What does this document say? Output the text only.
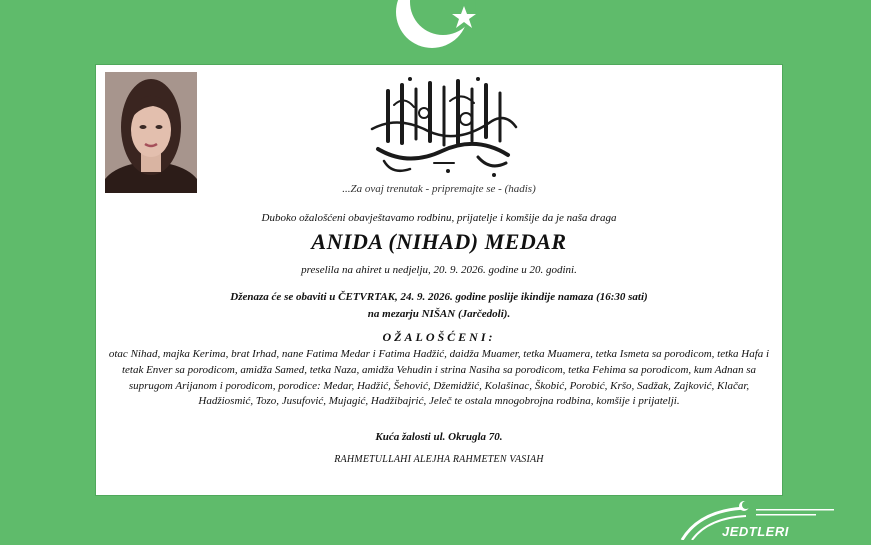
...Za ovaj trenutak - pripremajte se - (hadis)
Duboko ožalošćeni obavještavamo rodbinu, prijatelje i komšije da je naša draga
ANIDA (NIHAD) MEDAR
preselila na ahiret u nedjelju, 20. 9. 2026. godine u 20. godini.
Dženaza će se obaviti u ČETVRTAK, 24. 9. 2026. godine poslije ikindije namaza (16:30 sati)
na mezarju NIŠAN (Jarčedoli).
OŽALOŠĆENI:
otac Nihad, majka Kerima, brat Irhad, nane Fatima Medar i Fatima Hadžić, daidža Muamer, tetka Muamera, tetka Ismeta sa porodicom, tetka Hafa i tetak Enver sa porodicom, amidža Samed, tetka Naza, amidža Vehudin i strina Nasiha sa porodicom, tetka Fehima sa porodicom, kum Adnan sa suprugom Arijanom i porodicom, porodice: Medar, Hadžić, Šehović, Džemidžić, Kolašinac, Škobić, Porobić, Kršo, Sadžak, Zajković, Klačar, Hadžiosmić, Tozo, Jusufović, Mujagić, Hadžibajrić, Jeleč te ostala mnogobrojna rodbina, komšije i prijatelji.
Kuća žalosti ul. Okrugla 70.
RAHMETULLAHI ALEJHA RAHMETEN VASIAH
JEDTLERI
